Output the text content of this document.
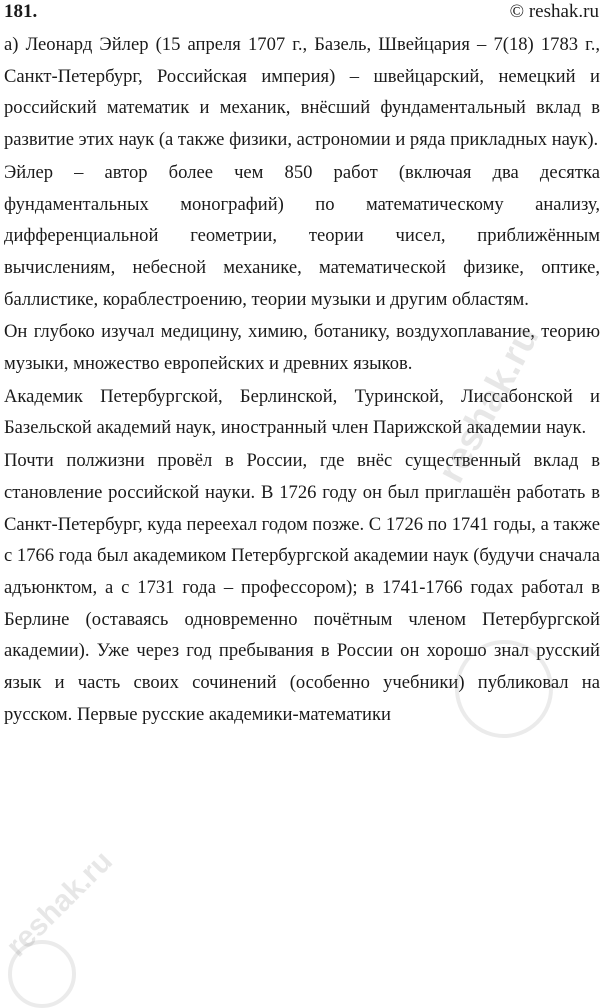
181.	© reshak.ru

а) Леонард Эйлер (15 апреля 1707 г., Базель, Швейцария – 7(18) 1783 г., Санкт-Петербург, Российская империя) – швейцарский, немецкий и российский математик и механик, внёсший фундаментальный вклад в развитие этих наук (а также физики, астрономии и ряда прикладных наук).

Эйлер – автор более чем 850 работ (включая два десятка фундаментальных монографий) по математическому анализу, дифференциальной геометрии, теории чисел, приближённым вычислениям, небесной механике, математической физике, оптике, баллистике, кораблестроению, теории музыки и другим областям.

Он глубоко изучал медицину, химию, ботанику, воздухоплавание, теорию музыки, множество европейских и древних языков.

Академик Петербургской, Берлинской, Туринской, Лиссабонской и Базельской академий наук, иностранный член Парижской академии наук.

Почти полжизни провёл в России, где внёс существенный вклад в становление российской науки. В 1726 году он был приглашён работать в Санкт-Петербург, куда переехал годом позже. С 1726 по 1741 годы, а также с 1766 года был академиком Петербургской академии наук (будучи сначала адъюнктом, а с 1731 года – профессором); в 1741-1766 годах работал в Берлине (оставаясь одновременно почётным членом Петербургской академии). Уже через год пребывания в России он хорошо знал русский язык и часть своих сочинений (особенно учебники) публиковал на русском. Первые русские академики-математики

reshak.ru
reshak.ru
